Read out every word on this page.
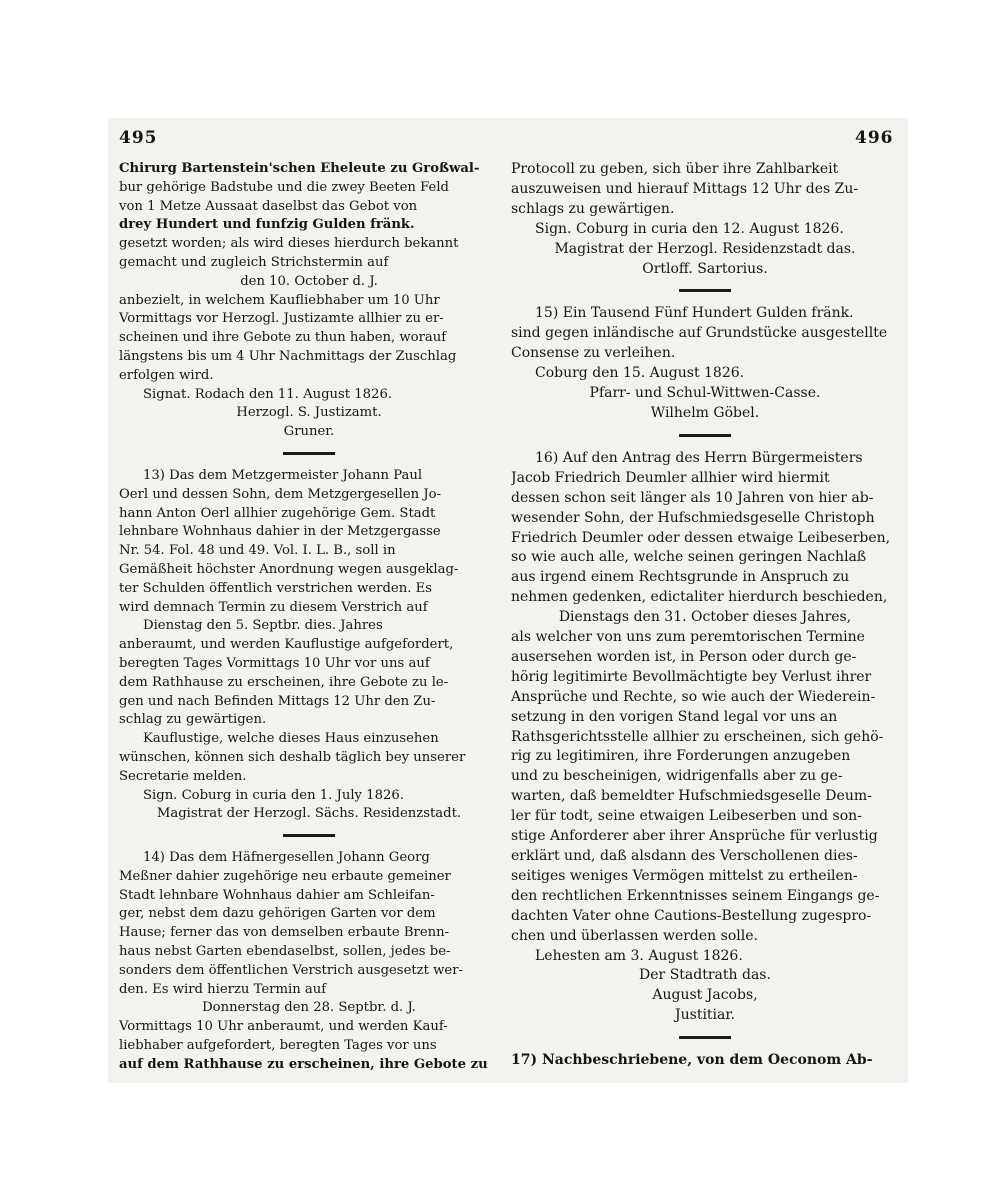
495	496
Chirurg Bartenstein'schen Eheleute zu Großwal-
bur gehörige Badstube und die zwey Beeten Feld
von 1 Metze Aussaat daselbst das Gebot von
drey Hundert und funfzig Gulden fränk.
gesetzt worden; als wird dieses hierdurch bekannt
gemacht und zugleich Strichstermin auf
den 10. October d. J.
anbezielt, in welchem Kaufliebhaber um 10 Uhr
Vormittags vor Herzogl. Justizamte allhier zu er-
scheinen und ihre Gebote zu thun haben, worauf
längstens bis um 4 Uhr Nachmittags der Zuschlag
erfolgen wird.
Signat. Rodach den 11. August 1826.
Herzogl. S. Justizamt.
Gruner.
13) Das dem Metzgermeister Johann Paul
Oerl und dessen Sohn, dem Metzgergesellen Jo-
hann Anton Oerl allhier zugehörige Gem. Stadt
lehnbare Wohnhaus dahier in der Metzgergasse
Nr. 54. Fol. 48 und 49. Vol. I. L. B., soll in
Gemäßheit höchster Anordnung wegen ausgeklag-
ter Schulden öffentlich verstrichen werden. Es
wird demnach Termin zu diesem Verstrich auf
Dienstag den 5. Septbr. dies. Jahres
anberaumt, und werden Kauflustige aufgefordert,
beregten Tages Vormittags 10 Uhr vor uns auf
dem Rathhause zu erscheinen, ihre Gebote zu le-
gen und nach Befinden Mittags 12 Uhr den Zu-
schlag zu gewärtigen.
Kauflustige, welche dieses Haus einzusehen
wünschen, können sich deshalb täglich bey unserer
Secretarie melden.
Sign. Coburg in curia den 1. July 1826.
Magistrat der Herzogl. Sächs. Residenzstadt.
14) Das dem Häfnergesellen Johann Georg
Meßner dahier zugehörige neu erbaute gemeiner
Stadt lehnbare Wohnhaus dahier am Schleifan-
ger, nebst dem dazu gehörigen Garten vor dem
Hause; ferner das von demselben erbaute Brenn-
haus nebst Garten ebendaselbst, sollen, jedes be-
sonders dem öffentlichen Verstrich ausgesetzt wer-
den. Es wird hierzu Termin auf
Donnerstag den 28. Septbr. d. J.
Vormittags 10 Uhr anberaumt, und werden Kauf-
liebhaber aufgefordert, beregten Tages vor uns
auf dem Rathhause zu erscheinen, ihre Gebote zu
Protocoll zu geben, sich über ihre Zahlbarkeit
auszuweisen und hierauf Mittags 12 Uhr des Zu-
schlags zu gewärtigen.
Sign. Coburg in curia den 12. August 1826.
Magistrat der Herzogl. Residenzstadt das.
Ortloff. Sartorius.
15) Ein Tausend Fünf Hundert Gulden fränk.
sind gegen inländische auf Grundstücke ausgestellte
Consense zu verleihen.
Coburg den 15. August 1826.
Pfarr- und Schul-Wittwen-Casse.
Wilhelm Göbel.
16) Auf den Antrag des Herrn Bürgermeisters
Jacob Friedrich Deumler allhier wird hiermit
dessen schon seit länger als 10 Jahren von hier ab-
wesender Sohn, der Hufschmiedsgeselle Christoph
Friedrich Deumler oder dessen etwaige Leibeserben,
so wie auch alle, welche seinen geringen Nachlaß
aus irgend einem Rechtsgrunde in Anspruch zu
nehmen gedenken, edictaliter hierdurch beschieden,
Dienstags den 31. October dieses Jahres,
als welcher von uns zum peremtorischen Termine
ausersehen worden ist, in Person oder durch ge-
hörig legitimirte Bevollmächtigte bey Verlust ihrer
Ansprüche und Rechte, so wie auch der Wiederein-
setzung in den vorigen Stand legal vor uns an
Rathsgerichtsstelle allhier zu erscheinen, sich gehö-
rig zu legitimiren, ihre Forderungen anzugeben
und zu bescheinigen, widrigenfalls aber zu ge-
warten, daß bemeldter Hufschmiedsgeselle Deum-
ler für todt, seine etwaigen Leibeserben und son-
stige Anforderer aber ihrer Ansprüche für verlustig
erklärt und, daß alsdann des Verschollenen dies-
seitiges weniges Vermögen mittelst zu ertheilen-
den rechtlichen Erkenntnisses seinem Eingangs ge-
dachten Vater ohne Cautions-Bestellung zugespro-
chen und überlassen werden solle.
Lehesten am 3. August 1826.
Der Stadtrath das.
August Jacobs,
Justitiar.
17) Nachbeschriebene, von dem Oeconom Ab-
